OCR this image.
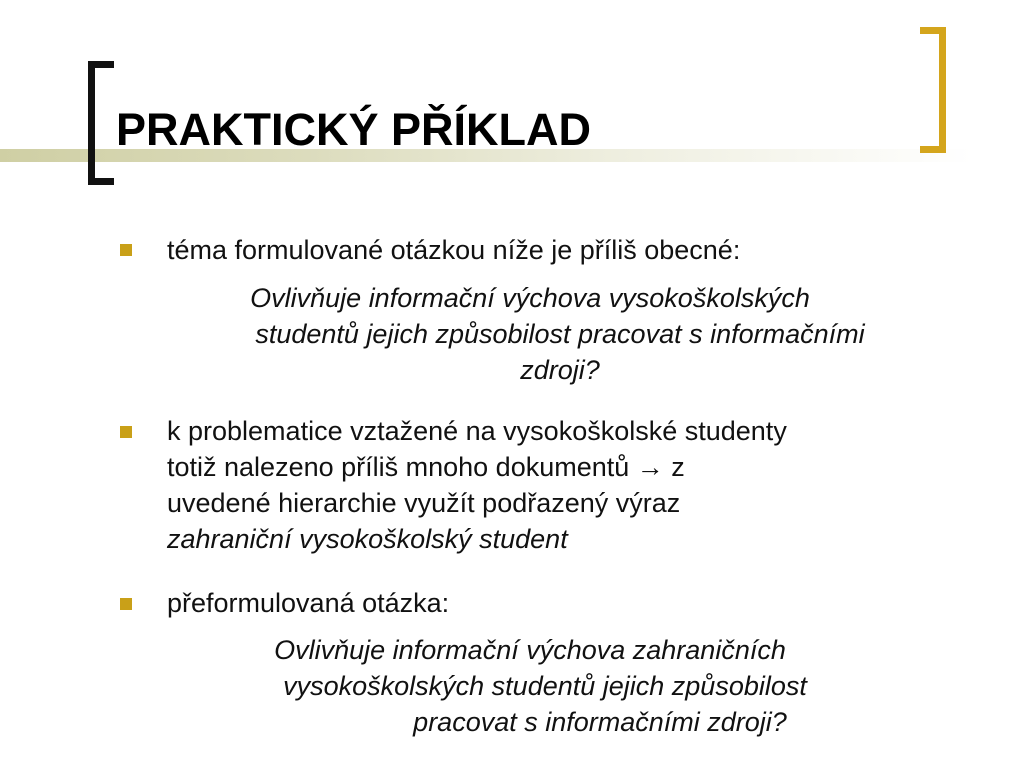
PRAKTICKÝ PŘÍKLAD
téma formulované otázkou níže je příliš obecné:
Ovlivňuje informační výchova vysokoškolských
studentů jejich způsobilost pracovat s informačními
zdroji?
k problematice vztažené na vysokoškolské studenty
totiž nalezeno příliš mnoho dokumentů → z
uvedené hierarchie využít podřazený výraz
zahraniční vysokoškolský student
přeformulovaná otázka:
Ovlivňuje informační výchova zahraničních
vysokoškolských studentů jejich způsobilost
pracovat s informačními zdroji?
